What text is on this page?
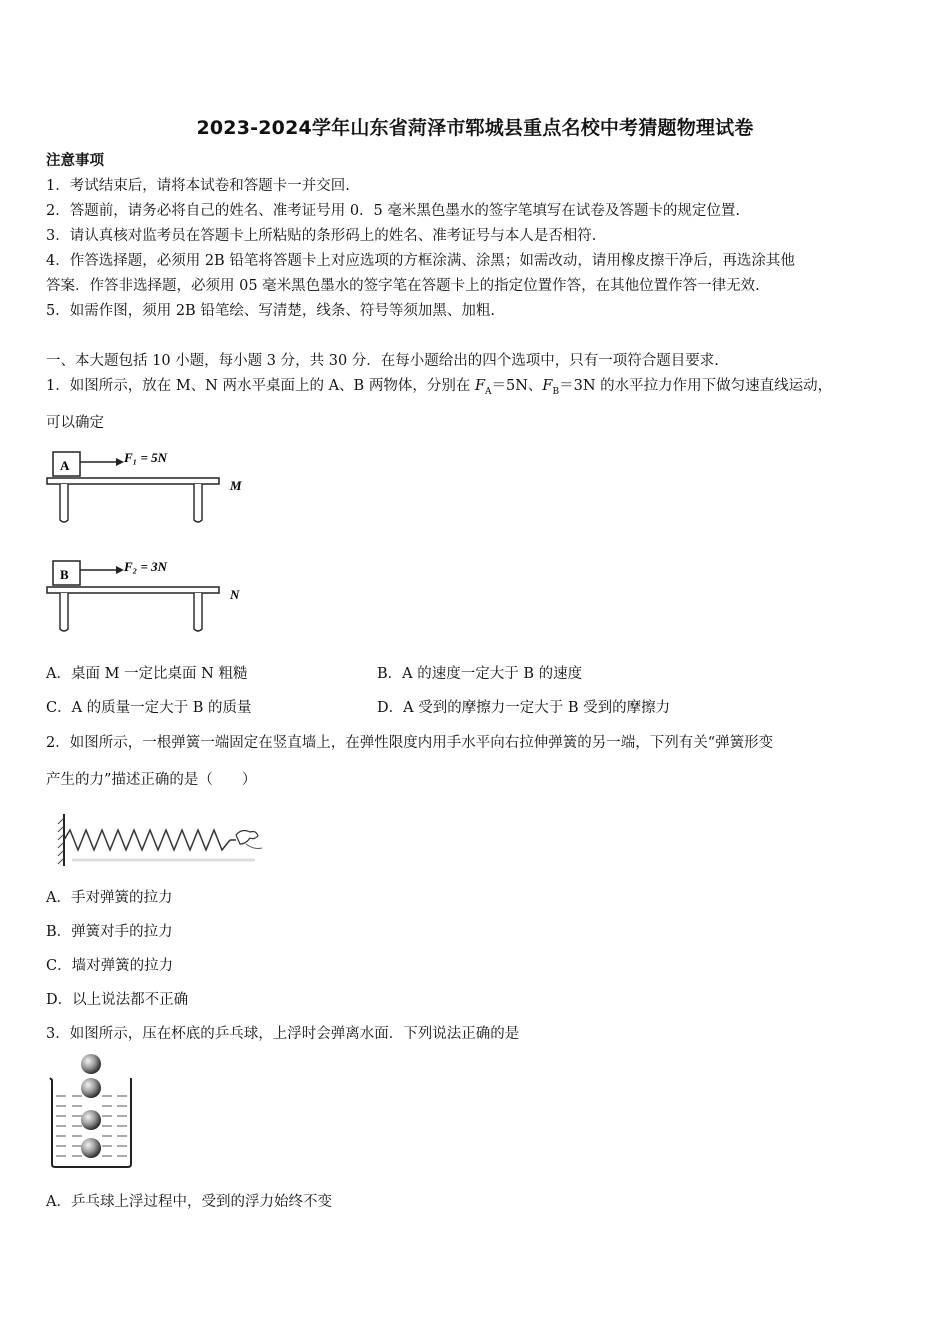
2023-2024学年山东省菏泽市郓城县重点名校中考猜题物理试卷
注意事项
1．考试结束后，请将本试卷和答题卡一并交回.
2．答题前，请务必将自己的姓名、准考证号用 0．5 毫米黑色墨水的签字笔填写在试卷及答题卡的规定位置.
3．请认真核对监考员在答题卡上所粘贴的条形码上的姓名、准考证号与本人是否相符.
4．作答选择题，必须用 2B 铅笔将答题卡上对应选项的方框涂满、涂黑；如需改动，请用橡皮擦干净后，再选涂其他
答案．作答非选择题，必须用 05 毫米黑色墨水的签字笔在答题卡上的指定位置作答，在其他位置作答一律无效.
5．如需作图，须用 2B 铅笔绘、写清楚，线条、符号等须加黑、加粗.
一、本大题包括 10 小题，每小题 3 分，共 30 分．在每小题给出的四个选项中，只有一项符合题目要求.
1．如图所示，放在 M、N 两水平桌面上的 A、B 两物体，分别在 $F_A=5N$、$F_B=3N$ 的水平拉力作用下做匀速直线运动，
可以确定
A
F₁ = 5N
M
B
F₂ = 3N
N
A．桌面 M 一定比桌面 N 粗糙	B．A 的速度一定大于 B 的速度
C．A 的质量一定大于 B 的质量	D．A 受到的摩擦力一定大于 B 受到的摩擦力
2．如图所示，一根弹簧一端固定在竖直墙上，在弹性限度内用手水平向右拉伸弹簧的另一端，下列有关“弹簧形变
产生的力”描述正确的是（　　）
A．手对弹簧的拉力
B．弹簧对手的拉力
C．墙对弹簧的拉力
D．以上说法都不正确
3．如图所示，压在杯底的乒乓球，上浮时会弹离水面．下列说法正确的是
A．乒乓球上浮过程中，受到的浮力始终不变
